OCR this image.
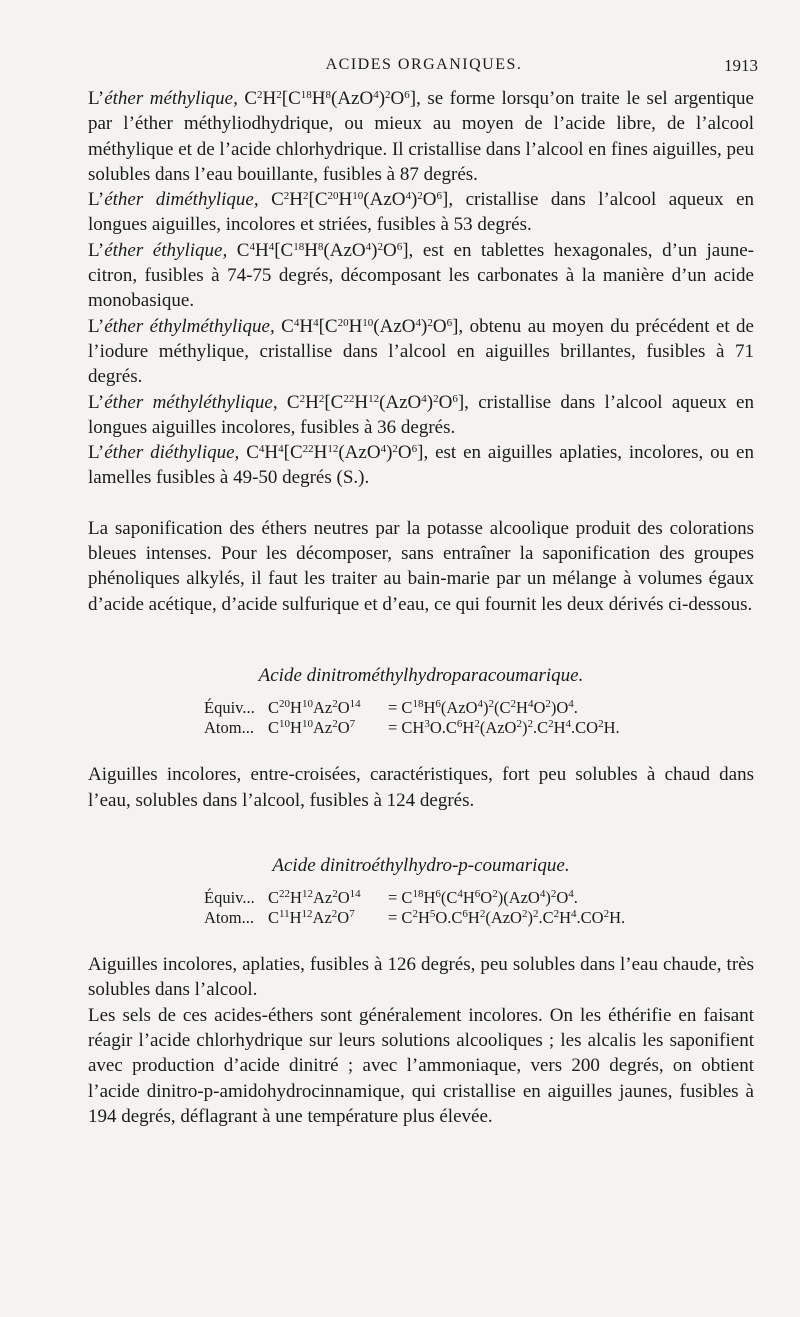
ACIDES ORGANIQUES.	1913

L’éther méthylique, $C^2H^2[C^{18}H^8(AzO^4)^2O^6]$, se forme lorsqu’on traite le sel argentique par l’éther méthyliodhydrique, ou mieux au moyen de l’acide libre, de l’alcool méthylique et de l’acide chlorhydrique. Il cristallise dans l’alcool en fines aiguilles, peu solubles dans l’eau bouillante, fusibles à 87 degrés.

L’éther diméthylique, $C^2H^2[C^{20}H^{10}(AzO^4)^2O^6]$, cristallise dans l’alcool aqueux en longues aiguilles, incolores et striées, fusibles à 53 degrés.

L’éther éthylique, $C^4H^4[C^{18}H^8(AzO^4)^2O^6]$, est en tablettes hexagonales, d’un jaune-citron, fusibles à 74-75 degrés, décomposant les carbonates à la manière d’un acide monobasique.

L’éther éthylméthylique, $C^4H^4[C^{20}H^{10}(AzO^4)^2O^6]$, obtenu au moyen du précédent et de l’iodure méthylique, cristallise dans l’alcool en aiguilles brillantes, fusibles à 71 degrés.

L’éther méthyléthylique, $C^2H^2[C^{22}H^{12}(AzO^4)^2O^6]$, cristallise dans l’alcool aqueux en longues aiguilles incolores, fusibles à 36 degrés.

L’éther diéthylique, $C^4H^4[C^{22}H^{12}(AzO^4)^2O^6]$, est en aiguilles aplaties, incolores, ou en lamelles fusibles à 49-50 degrés (S.).

La saponification des éthers neutres par la potasse alcoolique produit des colorations bleues intenses. Pour les décomposer, sans entraîner la saponification des groupes phénoliques alkylés, il faut les traiter au bain-marie par un mélange à volumes égaux d’acide acétique, d’acide sulfurique et d’eau, ce qui fournit les deux dérivés ci-dessous.

Acide dinitrométhylhydroparacoumarique.

Équiv... $C^{20}H^{10}Az^2O^{14} = C^{18}H^6(AzO^4)^2(C^2H^4O^2)O^4$.
Atom... $C^{10}H^{10}Az^2O^7 = CH^3O.C^6H^2(AzO^2)^2.C^2H^4.CO^2H$.

Aiguilles incolores, entre-croisées, caractéristiques, fort peu solubles à chaud dans l’eau, solubles dans l’alcool, fusibles à 124 degrés.

Acide dinitroéthylhydro-p-coumarique.

Équiv... $C^{22}H^{12}Az^2O^{14} = C^{18}H^6(C^4H^6O^2)(AzO^4)^2O^4$.
Atom... $C^{11}H^{12}Az^2O^7 = C^2H^5O.C^6H^2(AzO^2)^2.C^2H^4.CO^2H$.

Aiguilles incolores, aplaties, fusibles à 126 degrés, peu solubles dans l’eau chaude, très solubles dans l’alcool.

Les sels de ces acides-éthers sont généralement incolores. On les éthérifie en faisant réagir l’acide chlorhydrique sur leurs solutions alcooliques ; les alcalis les saponifient avec production d’acide dinitré ; avec l’ammoniaque, vers 200 degrés, on obtient l’acide dinitro-p-amidohydrocinnamique, qui cristallise en aiguilles jaunes, fusibles à 194 degrés, déflagrant à une température plus élevée.
